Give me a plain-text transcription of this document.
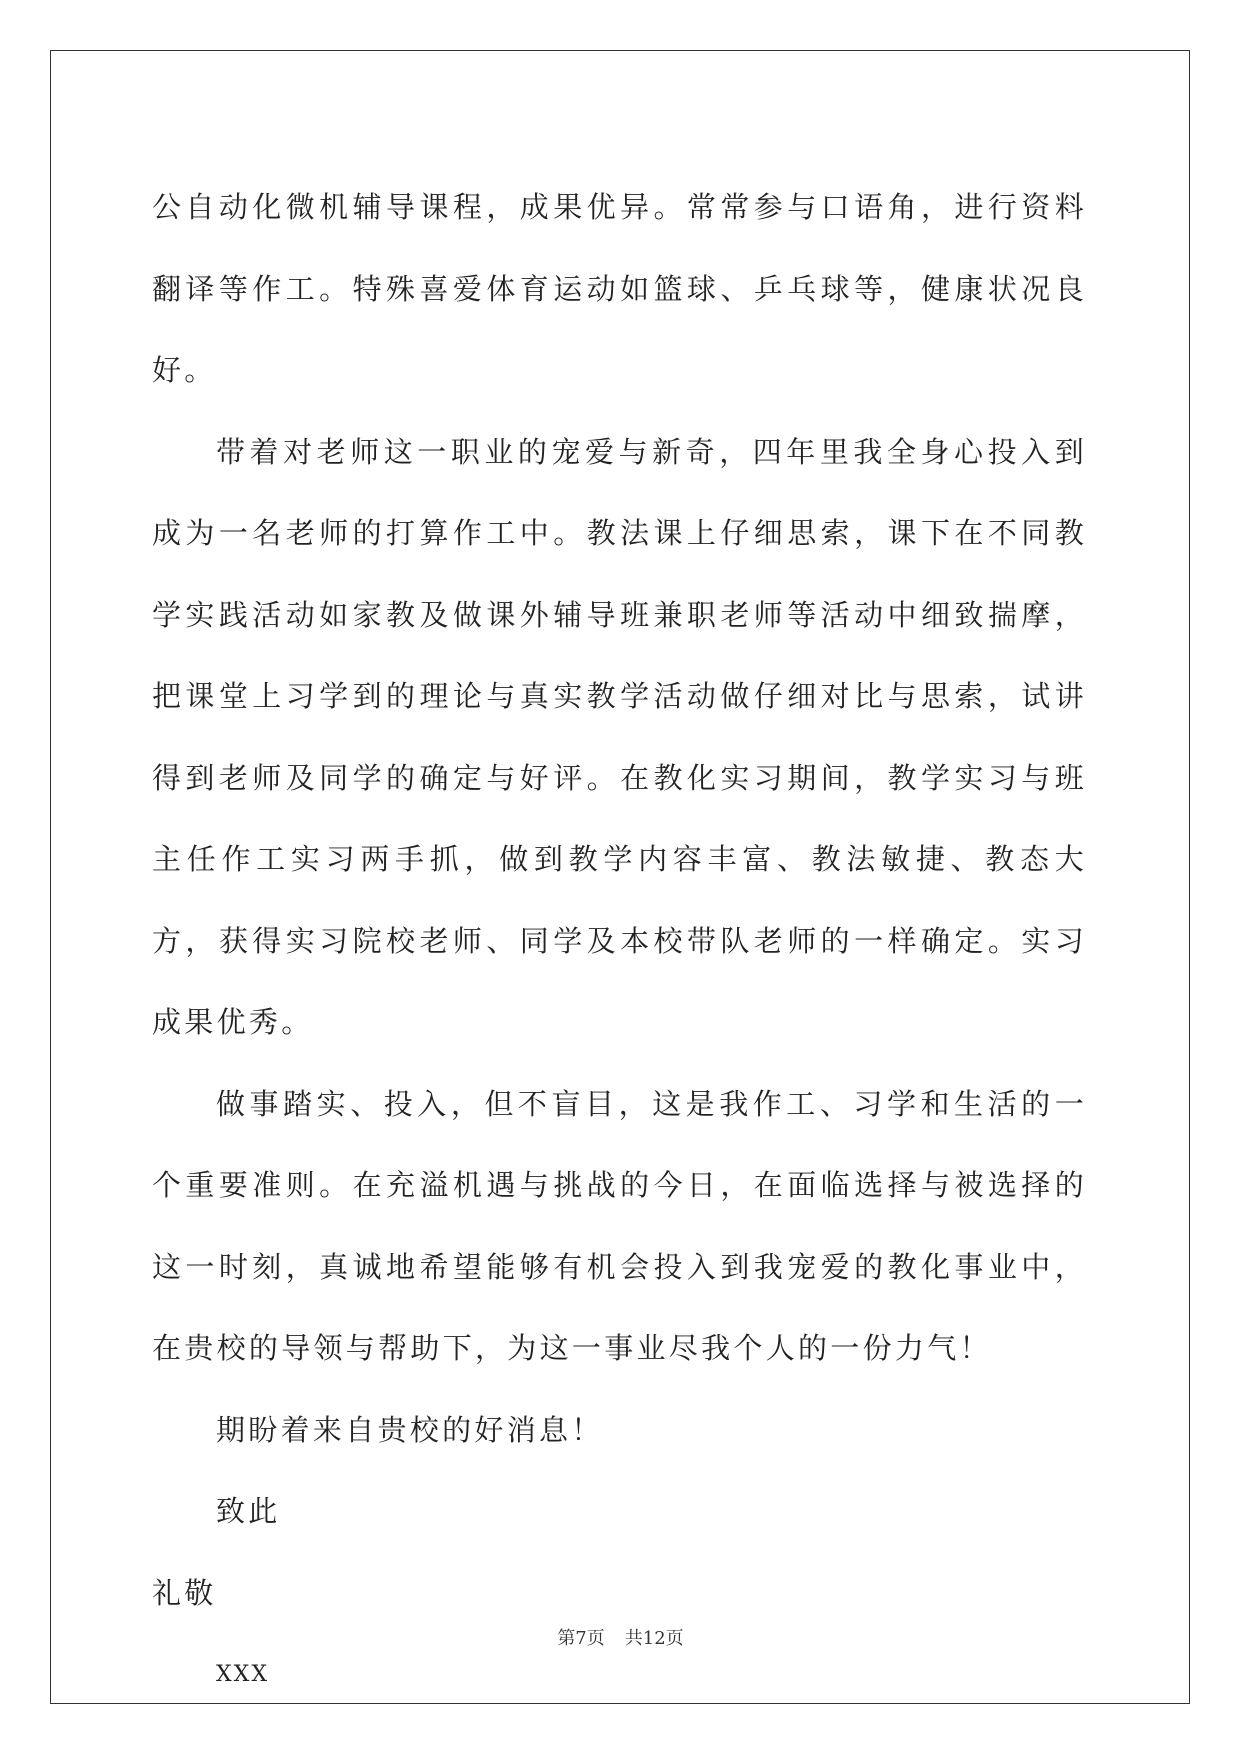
公自动化微机辅导课程，成果优异。常常参与口语角，进行资料翻译等作工。特殊喜爱体育运动如篮球、乒乓球等，健康状况良好。

带着对老师这一职业的宠爱与新奇，四年里我全身心投入到成为一名老师的打算作工中。教法课上仔细思索，课下在不同教学实践活动如家教及做课外辅导班兼职老师等活动中细致揣摩，把课堂上习学到的理论与真实教学活动做仔细对比与思索，试讲得到老师及同学的确定与好评。在教化实习期间，教学实习与班主任作工实习两手抓，做到教学内容丰富、教法敏捷、教态大方，获得实习院校老师、同学及本校带队老师的一样确定。实习成果优秀。

做事踏实、投入，但不盲目，这是我作工、习学和生活的一个重要准则。在充溢机遇与挑战的今日，在面临选择与被选择的这一时刻，真诚地希望能够有机会投入到我宠爱的教化事业中，在贵校的导领与帮助下，为这一事业尽我个人的一份力气！

期盼着来自贵校的好消息！

致此

礼敬

XXX

第7页 共12页
